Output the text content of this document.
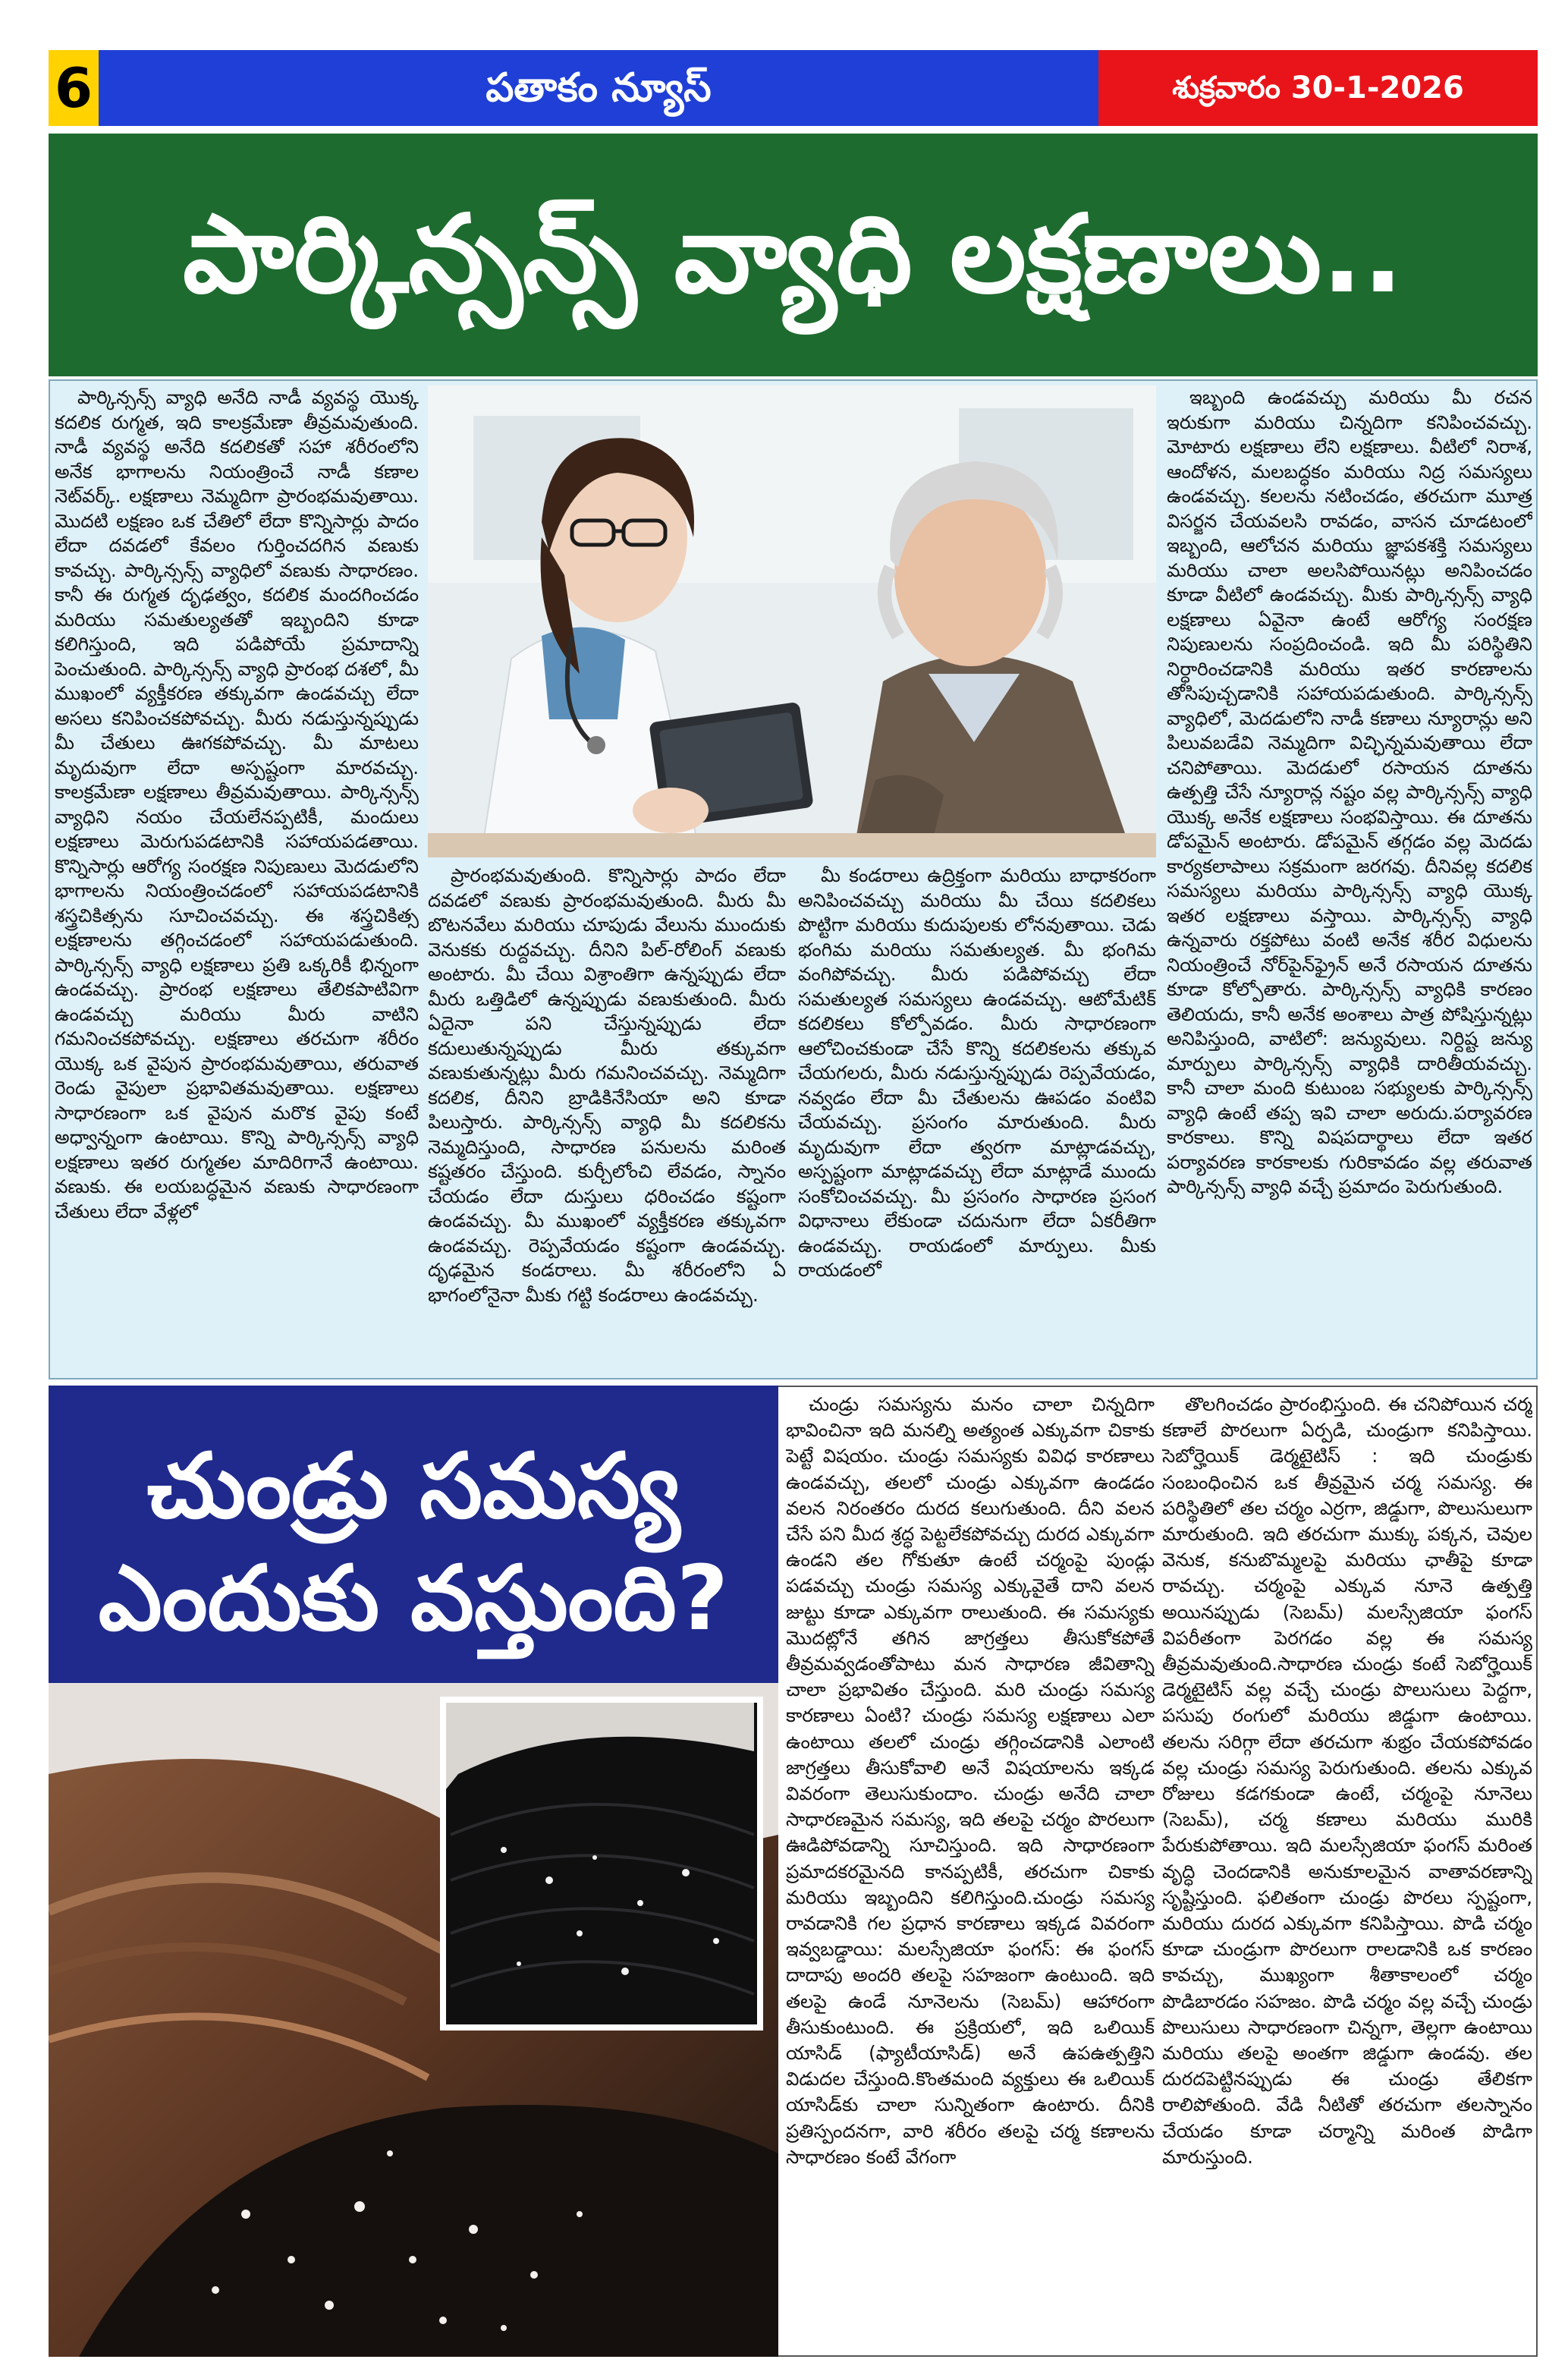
6	పతాకం న్యూస్	శుక్రవారం 30-1-2026
పార్కిన్సన్స్ వ్యాధి లక్షణాలు..

పార్కిన్సన్స్ వ్యాధి అనేది నాడీ వ్యవస్థ యొక్క కదలిక రుగ్మత, ఇది కాలక్రమేణా తీవ్రమవుతుంది. నాడీ వ్యవస్థ అనేది కదలికతో సహా శరీరంలోని అనేక భాగాలను నియంత్రించే నాడీ కణాల నెట్‌వర్క్. లక్షణాలు నెమ్మదిగా ప్రారంభమవుతాయి. మొదటి లక్షణం ఒక చేతిలో లేదా కొన్నిసార్లు పాదం లేదా దవడలో కేవలం గుర్తించదగిన వణుకు కావచ్చు. పార్కిన్సన్స్ వ్యాధిలో వణుకు సాధారణం. కానీ ఈ రుగ్మత దృఢత్వం, కదలిక మందగించడం మరియు సమతుల్యతతో ఇబ్బందిని కూడా కలిగిస్తుంది, ఇది పడిపోయే ప్రమాదాన్ని పెంచుతుంది. పార్కిన్సన్స్ వ్యాధి ప్రారంభ దశలో, మీ ముఖంలో వ్యక్తీకరణ తక్కువగా ఉండవచ్చు లేదా అసలు కనిపించకపోవచ్చు. మీరు నడుస్తున్నప్పుడు మీ చేతులు ఊగకపోవచ్చు. మీ మాటలు మృదువుగా లేదా అస్పష్టంగా మారవచ్చు. కాలక్రమేణా లక్షణాలు తీవ్రమవుతాయి. పార్కిన్సన్స్ వ్యాధిని నయం చేయలేనప్పటికీ, మందులు లక్షణాలు మెరుగుపడటానికి సహాయపడతాయి. కొన్నిసార్లు ఆరోగ్య సంరక్షణ నిపుణులు మెదడులోని భాగాలను నియంత్రించడంలో సహాయపడటానికి శస్త్రచికిత్సను సూచించవచ్చు. ఈ శస్త్రచికిత్స లక్షణాలను తగ్గించడంలో సహాయపడుతుంది. పార్కిన్సన్స్ వ్యాధి లక్షణాలు ప్రతి ఒక్కరికీ భిన్నంగా ఉండవచ్చు. ప్రారంభ లక్షణాలు తేలికపాటివిగా ఉండవచ్చు మరియు మీరు వాటిని గమనించకపోవచ్చు. లక్షణాలు తరచుగా శరీరం యొక్క ఒక వైపున ప్రారంభమవుతాయి, తరువాత రెండు వైపులా ప్రభావితమవుతాయి. లక్షణాలు సాధారణంగా ఒక వైపున మరొక వైపు కంటే అధ్వాన్నంగా ఉంటాయి. కొన్ని పార్కిన్సన్స్ వ్యాధి లక్షణాలు ఇతర రుగ్మతల మాదిరిగానే ఉంటాయి. వణుకు. ఈ లయబద్ధమైన వణుకు సాధారణంగా చేతులు లేదా వేళ్లలో

ప్రారంభమవుతుంది. కొన్నిసార్లు పాదం లేదా దవడలో వణుకు ప్రారంభమవుతుంది. మీరు మీ బొటనవేలు మరియు చూపుడు వేలును ముందుకు వెనుకకు రుద్దవచ్చు. దీనిని పిల్-రోలింగ్ వణుకు అంటారు. మీ చేయి విశ్రాంతిగా ఉన్నప్పుడు లేదా మీరు ఒత్తిడిలో ఉన్నప్పుడు వణుకుతుంది. మీరు ఏదైనా పని చేస్తున్నప్పుడు లేదా కదులుతున్నప్పుడు మీరు తక్కువగా వణుకుతున్నట్లు మీరు గమనించవచ్చు. నెమ్మదిగా కదలిక, దీనిని బ్రాడికినేసియా అని కూడా పిలుస్తారు. పార్కిన్సన్స్ వ్యాధి మీ కదలికను నెమ్మదిస్తుంది, సాధారణ పనులను మరింత కష్టతరం చేస్తుంది. కుర్చీలోంచి లేవడం, స్నానం చేయడం లేదా దుస్తులు ధరించడం కష్టంగా ఉండవచ్చు. మీ ముఖంలో వ్యక్తీకరణ తక్కువగా ఉండవచ్చు. రెప్పవేయడం కష్టంగా ఉండవచ్చు. దృఢమైన కండరాలు. మీ శరీరంలోని ఏ భాగంలోనైనా మీకు గట్టి కండరాలు ఉండవచ్చు.

మీ కండరాలు ఉద్రిక్తంగా మరియు బాధాకరంగా అనిపించవచ్చు మరియు మీ చేయి కదలికలు పొట్టిగా మరియు కుదుపులకు లోనవుతాయి. చెడు భంగిమ మరియు సమతుల్యత. మీ భంగిమ వంగిపోవచ్చు. మీరు పడిపోవచ్చు లేదా సమతుల్యత సమస్యలు ఉండవచ్చు. ఆటోమేటిక్ కదలికలు కోల్పోవడం. మీరు సాధారణంగా ఆలోచించకుండా చేసే కొన్ని కదలికలను తక్కువ చేయగలరు, మీరు నడుస్తున్నప్పుడు రెప్పవేయడం, నవ్వడం లేదా మీ చేతులను ఊపడం వంటివి చేయవచ్చు. ప్రసంగం మారుతుంది. మీరు మృదువుగా లేదా త్వరగా మాట్లాడవచ్చు, అస్పష్టంగా మాట్లాడవచ్చు లేదా మాట్లాడే ముందు సంకోచించవచ్చు. మీ ప్రసంగం సాధారణ ప్రసంగ విధానాలు లేకుండా చదునుగా లేదా ఏకరీతిగా ఉండవచ్చు. రాయడంలో మార్పులు. మీకు రాయడంలో

ఇబ్బంది ఉండవచ్చు మరియు మీ రచన ఇరుకుగా మరియు చిన్నదిగా కనిపించవచ్చు. మోటారు లక్షణాలు లేని లక్షణాలు. వీటిలో నిరాశ, ఆందోళన, మలబద్ధకం మరియు నిద్ర సమస్యలు ఉండవచ్చు. కలలను నటించడం, తరచుగా మూత్ర విసర్జన చేయవలసి రావడం, వాసన చూడటంలో ఇబ్బంది, ఆలోచన మరియు జ్ఞాపకశక్తి సమస్యలు మరియు చాలా అలసిపోయినట్లు అనిపించడం కూడా వీటిలో ఉండవచ్చు. మీకు పార్కిన్సన్స్ వ్యాధి లక్షణాలు ఏవైనా ఉంటే ఆరోగ్య సంరక్షణ నిపుణులను సంప్రదించండి. ఇది మీ పరిస్థితిని నిర్ధారించడానికి మరియు ఇతర కారణాలను తోసిపుచ్చడానికి సహాయపడుతుంది. పార్కిన్సన్స్ వ్యాధిలో, మెదడులోని నాడీ కణాలు న్యూరాన్లు అని పిలువబడేవి నెమ్మదిగా విచ్ఛిన్నమవుతాయి లేదా చనిపోతాయి. మెదడులో రసాయన దూతను ఉత్పత్తి చేసే న్యూరాన్ల నష్టం వల్ల పార్కిన్సన్స్ వ్యాధి యొక్క అనేక లక్షణాలు సంభవిస్తాయి. ఈ దూతను డోపమైన్ అంటారు. డోపమైన్ తగ్గడం వల్ల మెదడు కార్యకలాపాలు సక్రమంగా జరగవు. దీనివల్ల కదలిక సమస్యలు మరియు పార్కిన్సన్స్ వ్యాధి యొక్క ఇతర లక్షణాలు వస్తాయి. పార్కిన్సన్స్ వ్యాధి ఉన్నవారు రక్తపోటు వంటి అనేక శరీర విధులను నియంత్రించే నోర్‌పైన్‌ఫ్రైన్ అనే రసాయన దూతను కూడా కోల్పోతారు. పార్కిన్సన్స్ వ్యాధికి కారణం తెలియదు, కానీ అనేక అంశాలు పాత్ర పోషిస్తున్నట్లు అనిపిస్తుంది, వాటిలో: జన్యువులు. నిర్దిష్ట జన్యు మార్పులు పార్కిన్సన్స్ వ్యాధికి దారితీయవచ్చు. కానీ చాలా మంది కుటుంబ సభ్యులకు పార్కిన్సన్స్ వ్యాధి ఉంటే తప్ప ఇవి చాలా అరుదు.పర్యావరణ కారకాలు. కొన్ని విషపదార్థాలు లేదా ఇతర పర్యావరణ కారకాలకు గురికావడం వల్ల తరువాత పార్కిన్సన్స్ వ్యాధి వచ్చే ప్రమాదం పెరుగుతుంది.

చుండ్రు సమస్య
ఎందుకు వస్తుంది?

చుండ్రు సమస్యను మనం చాలా చిన్నదిగా భావించినా ఇది మనల్ని అత్యంత ఎక్కువగా చికాకు పెట్టే విషయం. చుండ్రు సమస్యకు వివిధ కారణాలు ఉండవచ్చు, తలలో చుండ్రు ఎక్కువగా ఉండడం వలన నిరంతరం దురద కలుగుతుంది. దీని వలన చేసే పని మీద శ్రద్ధ పెట్టలేకపోవచ్చు దురద ఎక్కువగా ఉండని తల గోకుతూ ఉంటే చర్మంపై పుండ్లు పడవచ్చు చుండ్రు సమస్య ఎక్కువైతే దాని వలన జుట్టు కూడా ఎక్కువగా రాలుతుంది. ఈ సమస్యకు మొదట్లోనే తగిన జాగ్రత్తలు తీసుకోకపోతే తీవ్రమవ్వడంతోపాటు మన సాధారణ జీవితాన్ని చాలా ప్రభావితం చేస్తుంది. మరి చుండ్రు సమస్య కారణాలు ఏంటి? చుండ్రు సమస్య లక్షణాలు ఎలా ఉంటాయి తలలో చుండ్రు తగ్గించడానికి ఎలాంటి జాగ్రత్తలు తీసుకోవాలి అనే విషయాలను ఇక్కడ వివరంగా తెలుసుకుందాం. చుండ్రు అనేది చాలా సాధారణమైన సమస్య, ఇది తలపై చర్మం పొరలుగా ఊడిపోవడాన్ని సూచిస్తుంది. ఇది సాధారణంగా ప్రమాదకరమైనది కానప్పటికీ, తరచుగా చికాకు మరియు ఇబ్బందిని కలిగిస్తుంది.చుండ్రు సమస్య రావడానికి గల ప్రధాన కారణాలు ఇక్కడ వివరంగా ఇవ్వబడ్డాయి: మలస్సేజియా ఫంగస్: ఈ ఫంగస్ దాదాపు అందరి తలపై సహజంగా ఉంటుంది. ఇది తలపై ఉండే నూనెలను (సెబమ్) ఆహారంగా తీసుకుంటుంది. ఈ ప్రక్రియలో, ఇది ఒలియిక్ యాసిడ్ (ఫ్యాటీయాసిడ్) అనే ఉపఉత్పత్తిని విడుదల చేస్తుంది.కొంతమంది వ్యక్తులు ఈ ఒలియిక్ యాసిడ్‌కు చాలా సున్నితంగా ఉంటారు. దీనికి ప్రతిస్పందనగా, వారి శరీరం తలపై చర్మ కణాలను సాధారణం కంటే వేగంగా

తొలగించడం ప్రారంభిస్తుంది. ఈ చనిపోయిన చర్మ కణాలే పొరలుగా ఏర్పడి, చుండ్రుగా కనిపిస్తాయి. సెబోర్హెయిక్ డెర్మటైటిస్ : ఇది చుండ్రుకు సంబంధించిన ఒక తీవ్రమైన చర్మ సమస్య. ఈ పరిస్థితిలో తల చర్మం ఎర్రగా, జిడ్డుగా, పొలుసులుగా మారుతుంది. ఇది తరచుగా ముక్కు పక్కన, చెవుల వెనుక, కనుబొమ్మలపై మరియు ఛాతీపై కూడా రావచ్చు. చర్మంపై ఎక్కువ నూనె ఉత్పత్తి అయినప్పుడు (సెబమ్) మలస్సేజియా ఫంగస్ విపరీతంగా పెరగడం వల్ల ఈ సమస్య తీవ్రమవుతుంది.సాధారణ చుండ్రు కంటే సెబోర్హెయిక్ డెర్మటైటిస్ వల్ల వచ్చే చుండ్రు పొలుసులు పెద్దగా, పసుపు రంగులో మరియు జిడ్డుగా ఉంటాయి. తలను సరిగ్గా లేదా తరచుగా శుభ్రం చేయకపోవడం వల్ల చుండ్రు సమస్య పెరుగుతుంది. తలను ఎక్కువ రోజులు కడగకుండా ఉంటే, చర్మంపై నూనెలు (సెబమ్), చర్మ కణాలు మరియు మురికి పేరుకుపోతాయి. ఇది మలస్సేజియా ఫంగస్ మరింత వృద్ధి చెందడానికి అనుకూలమైన వాతావరణాన్ని సృష్టిస్తుంది. ఫలితంగా చుండ్రు పొరలు స్పష్టంగా, మరియు దురద ఎక్కువగా కనిపిస్తాయి. పొడి చర్మం కూడా చుండ్రుగా పొరలుగా రాలడానికి ఒక కారణం కావచ్చు, ముఖ్యంగా శీతాకాలంలో చర్మం పొడిబారడం సహజం. పొడి చర్మం వల్ల వచ్చే చుండ్రు పొలుసులు సాధారణంగా చిన్నగా, తెల్లగా ఉంటాయి మరియు తలపై అంతగా జిడ్డుగా ఉండవు. తల దురదపెట్టినప్పుడు ఈ చుండ్రు తేలికగా రాలిపోతుంది. వేడి నీటితో తరచుగా తలస్నానం చేయడం కూడా చర్మాన్ని మరింత పొడిగా మారుస్తుంది.
